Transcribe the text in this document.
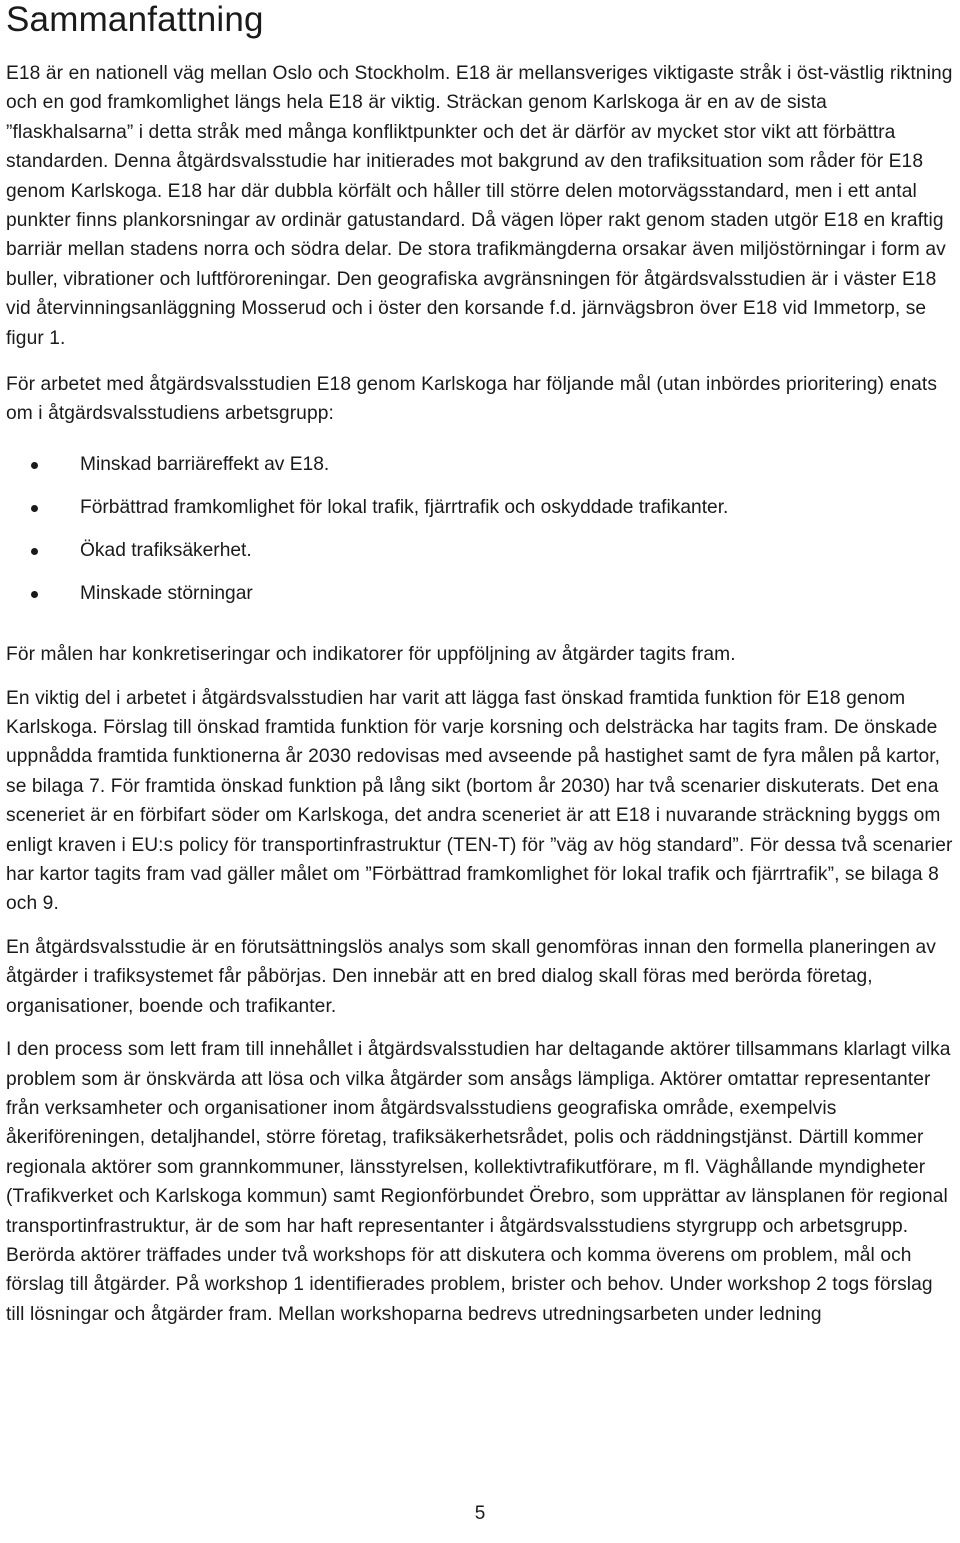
Sammanfattning

E18 är en nationell väg mellan Oslo och Stockholm. E18 är mellansveriges viktigaste stråk i öst-västlig riktning och en god framkomlighet längs hela E18 är viktig. Sträckan genom Karlskoga är en av de sista ”flaskhalsarna” i detta stråk med många konfliktpunkter och det är därför av mycket stor vikt att förbättra standarden. Denna åtgärdsvalsstudie har initierades mot bakgrund av den trafiksituation som råder för E18 genom Karlskoga. E18 har där dubbla körfält och håller till större delen motorvägsstandard, men i ett antal punkter finns plankorsningar av ordinär gatustandard. Då vägen löper rakt genom staden utgör E18 en kraftig barriär mellan stadens norra och södra delar. De stora trafikmängderna orsakar även miljöstörningar i form av buller, vibrationer och luftföroreningar. Den geografiska avgränsningen för åtgärdsvalsstudien är i väster E18 vid återvinningsanläggning Mosserud och i öster den korsande f.d. järnvägsbron över E18 vid Immetorp, se figur 1.

För arbetet med åtgärdsvalsstudien E18 genom Karlskoga har följande mål (utan inbördes prioritering) enats om i åtgärdsvalsstudiens arbetsgrupp:

Minskad barriäreffekt av E18.
Förbättrad framkomlighet för lokal trafik, fjärrtrafik och oskyddade trafikanter.
Ökad trafiksäkerhet.
Minskade störningar

För målen har konkretiseringar och indikatorer för uppföljning av åtgärder tagits fram.

En viktig del i arbetet i åtgärdsvalsstudien har varit att lägga fast önskad framtida funktion för E18 genom Karlskoga. Förslag till önskad framtida funktion för varje korsning och delsträcka har tagits fram. De önskade uppnådda framtida funktionerna år 2030 redovisas med avseende på hastighet samt de fyra målen på kartor, se bilaga 7. För framtida önskad funktion på lång sikt (bortom år 2030) har två scenarier diskuterats. Det ena sceneriet är en förbifart söder om Karlskoga, det andra sceneriet är att E18 i nuvarande sträckning byggs om enligt kraven i EU:s policy för transportinfrastruktur (TEN-T) för ”väg av hög standard”. För dessa två scenarier har kartor tagits fram vad gäller målet om ”Förbättrad framkomlighet för lokal trafik och fjärrtrafik”, se bilaga 8 och 9.

En åtgärdsvalsstudie är en förutsättningslös analys som skall genomföras innan den formella planeringen av åtgärder i trafiksystemet får påbörjas. Den innebär att en bred dialog skall föras med berörda företag, organisationer, boende och trafikanter.

I den process som lett fram till innehållet i åtgärdsvalsstudien har deltagande aktörer tillsammans klarlagt vilka problem som är önskvärda att lösa och vilka åtgärder som ansågs lämpliga. Aktörer omtattar representanter från verksamheter och organisationer inom åtgärdsvalsstudiens geografiska område, exempelvis åkeriföreningen, detaljhandel, större företag, trafiksäkerhetsrådet, polis och räddningstjänst. Därtill kommer regionala aktörer som grannkommuner, länsstyrelsen, kollektivtrafikutförare, m fl. Väghållande myndigheter (Trafikverket och Karlskoga kommun) samt Regionförbundet Örebro, som upprättar av länsplanen för regional transportinfrastruktur, är de som har haft representanter i åtgärdsvalsstudiens styrgrupp och arbetsgrupp. Berörda aktörer träffades under två workshops för att diskutera och komma överens om problem, mål och förslag till åtgärder. På workshop 1 identifierades problem, brister och behov. Under workshop 2 togs förslag till lösningar och åtgärder fram. Mellan workshoparna bedrevs utredningsarbeten under ledning

5
